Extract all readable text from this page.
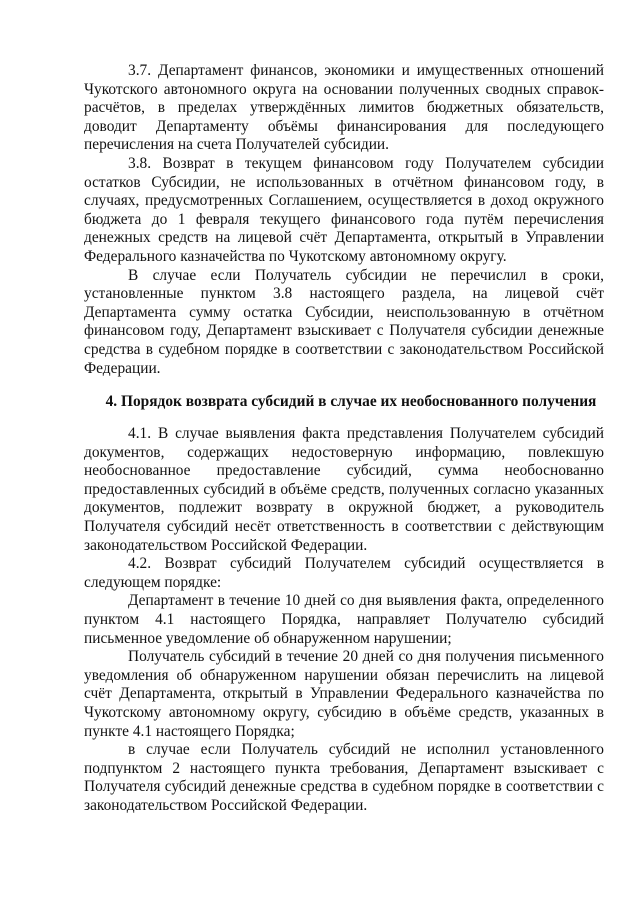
3.7. Департамент финансов, экономики и имущественных отношений Чукотского автономного округа на основании полученных сводных справок-расчётов, в пределах утверждённых лимитов бюджетных обязательств, доводит Департаменту объёмы финансирования для последующего перечисления на счета Получателей субсидии.

3.8. Возврат в текущем финансовом году Получателем субсидии остатков Субсидии, не использованных в отчётном финансовом году, в случаях, предусмотренных Соглашением, осуществляется в доход окружного бюджета до 1 февраля текущего финансового года путём перечисления денежных средств на лицевой счёт Департамента, открытый в Управлении Федерального казначейства по Чукотскому автономному округу.

В случае если Получатель субсидии не перечислил в сроки, установленные пунктом 3.8 настоящего раздела, на лицевой счёт Департамента сумму остатка Субсидии, неиспользованную в отчётном финансовом году, Департамент взыскивает с Получателя субсидии денежные средства в судебном порядке в соответствии с законодательством Российской Федерации.

4. Порядок возврата субсидий в случае их необоснованного получения

4.1. В случае выявления факта представления Получателем субсидий документов, содержащих недостоверную информацию, повлекшую необоснованное предоставление субсидий, сумма необоснованно предоставленных субсидий в объёме средств, полученных согласно указанных документов, подлежит возврату в окружной бюджет, а руководитель Получателя субсидий несёт ответственность в соответствии с действующим законодательством Российской Федерации.

4.2. Возврат субсидий Получателем субсидий осуществляется в следующем порядке:

Департамент в течение 10 дней со дня выявления факта, определенного пунктом 4.1 настоящего Порядка, направляет Получателю субсидий письменное уведомление об обнаруженном нарушении;

Получатель субсидий в течение 20 дней со дня получения письменного уведомления об обнаруженном нарушении обязан перечислить на лицевой счёт Департамента, открытый в Управлении Федерального казначейства по Чукотскому автономному округу, субсидию в объёме средств, указанных в пункте 4.1 настоящего Порядка;

в случае если Получатель субсидий не исполнил установленного подпунктом 2 настоящего пункта требования, Департамент взыскивает с Получателя субсидий денежные средства в судебном порядке в соответствии с законодательством Российской Федерации.
